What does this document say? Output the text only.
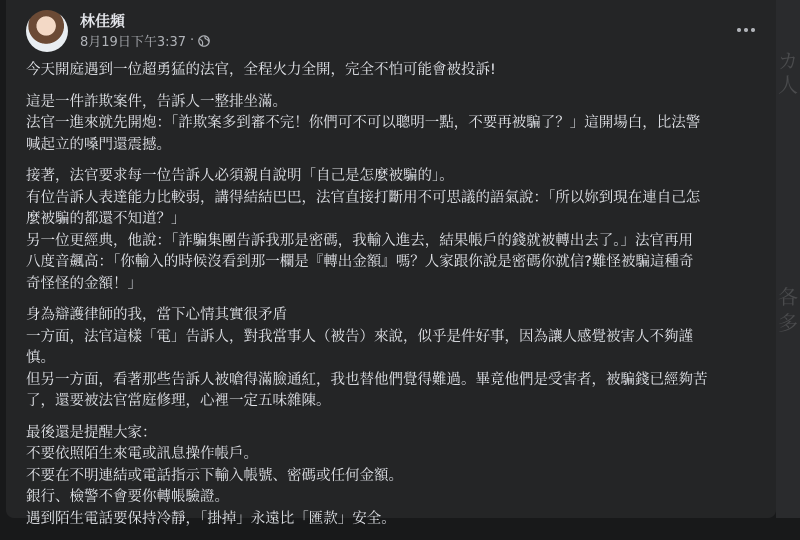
カ
人
各
多
林佳頻
8月19日下午3:37 ·
今天開庭遇到一位超勇猛的法官，全程火力全開，完全不怕可能會被投訴!
這是一件詐欺案件，告訴人一整排坐滿。
法官一進來就先開炮：「詐欺案多到審不完！你們可不可以聰明一點，不要再被騙了？」這開場白，比法警
喊起立的嗓門還震撼。
接著，法官要求每一位告訴人必須親自說明「自己是怎麼被騙的」。
有位告訴人表達能力比較弱，講得結結巴巴，法官直接打斷用不可思議的語氣說：「所以妳到現在連自己怎
麼被騙的都還不知道？」
另一位更經典，他說：「詐騙集團告訴我那是密碼，我輸入進去，結果帳戶的錢就被轉出去了。」法官再用
八度音飆高：「你輸入的時候沒看到那一欄是『轉出金額』嗎？人家跟你說是密碼你就信?難怪被騙這種奇
奇怪怪的金額！」
身為辯護律師的我，當下心情其實很矛盾
一方面，法官這樣「電」告訴人，對我當事人（被告）來說，似乎是件好事，因為讓人感覺被害人不夠謹
慎。
但另一方面，看著那些告訴人被嗆得滿臉通紅，我也替他們覺得難過。畢竟他們是受害者，被騙錢已經夠苦
了，還要被法官當庭修理，心裡一定五味雜陳。
最後還是提醒大家：
不要依照陌生來電或訊息操作帳戶。
不要在不明連結或電話指示下輸入帳號、密碼或任何金額。
銀行、檢警不會要你轉帳驗證。
遇到陌生電話要保持冷靜，「掛掉」永遠比「匯款」安全。
